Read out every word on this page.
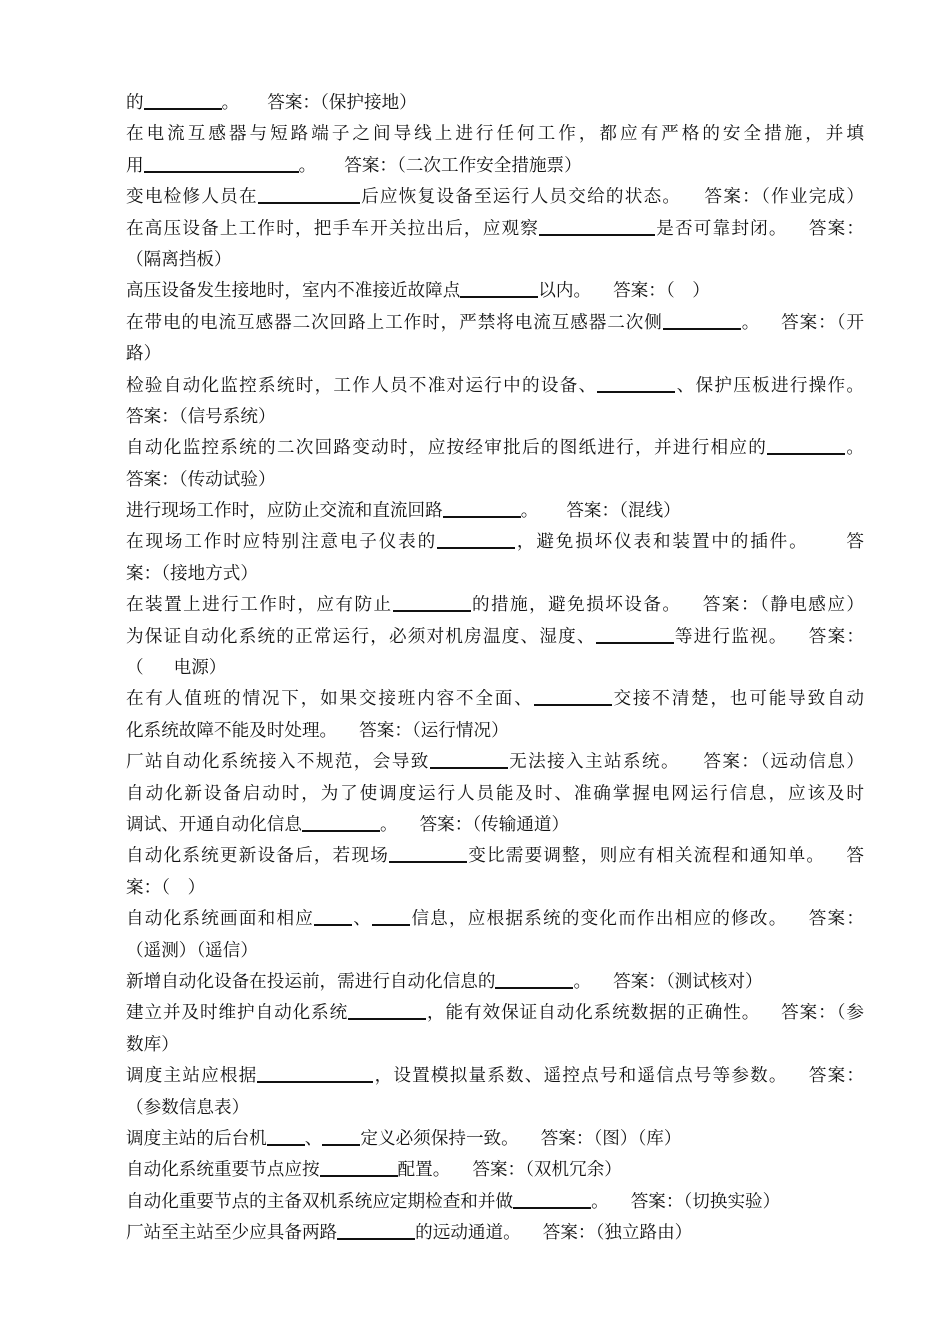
的	。 答案：（保护接地）
在电流互感器与短路端子之间导线上进行任何工作，都应有严格的安全措施，并填
用	。 答案：（二次工作安全措施票）
变电检修人员在	后应恢复设备至运行人员交给的状态。 答案：（作业完成）
在高压设备上工作时，把手车开关拉出后，应观察	是否可靠封闭。 答案：
（隔离挡板）
高压设备发生接地时，室内不准接近故障点	以内。 答案：（　）
在带电的电流互感器二次回路上工作时，严禁将电流互感器二次侧	。 答案：（开
路）
检验自动化监控系统时，工作人员不准对运行中的设备、	、保护压板进行操作。
答案：（信号系统）
自动化监控系统的二次回路变动时，应按经审批后的图纸进行，并进行相应的	。
答案：（传动试验）
进行现场工作时，应防止交流和直流回路	。 答案：（混线）
在现场工作时应特别注意电子仪表的	，避免损坏仪表和装置中的插件。 答
案：（接地方式）
在装置上进行工作时，应有防止	的措施，避免损坏设备。 答案：（静电感应）
为保证自动化系统的正常运行，必须对机房温度、湿度、	等进行监视。 答案：
（ 电源）
在有人值班的情况下，如果交接班内容不全面、	交接不清楚，也可能导致自动
化系统故障不能及时处理。 答案：（运行情况）
厂站自动化系统接入不规范，会导致	无法接入主站系统。 答案：（远动信息）
自动化新设备启动时，为了使调度运行人员能及时、准确掌握电网运行信息，应该及时
调试、开通自动化信息	。 答案：（传输通道）
自动化系统更新设备后，若现场	变比需要调整，则应有相关流程和通知单。 答
案：（　）
自动化系统画面和相应 、 信息，应根据系统的变化而作出相应的修改。 答案：
（遥测）（遥信）
新增自动化设备在投运前，需进行自动化信息的	。 答案：（测试核对）
建立并及时维护自动化系统	，能有效保证自动化系统数据的正确性。 答案：（参
数库）
调度主站应根据	，设置模拟量系数、遥控点号和遥信点号等参数。 答案：
（参数信息表）
调度主站的后台机 、 定义必须保持一致。 答案：（图）（库）
自动化系统重要节点应按	配置。 答案：（双机冗余）
自动化重要节点的主备双机系统应定期检查和并做	。 答案：（切换实验）
厂站至主站至少应具备两路	的远动通道。 答案：（独立路由）
